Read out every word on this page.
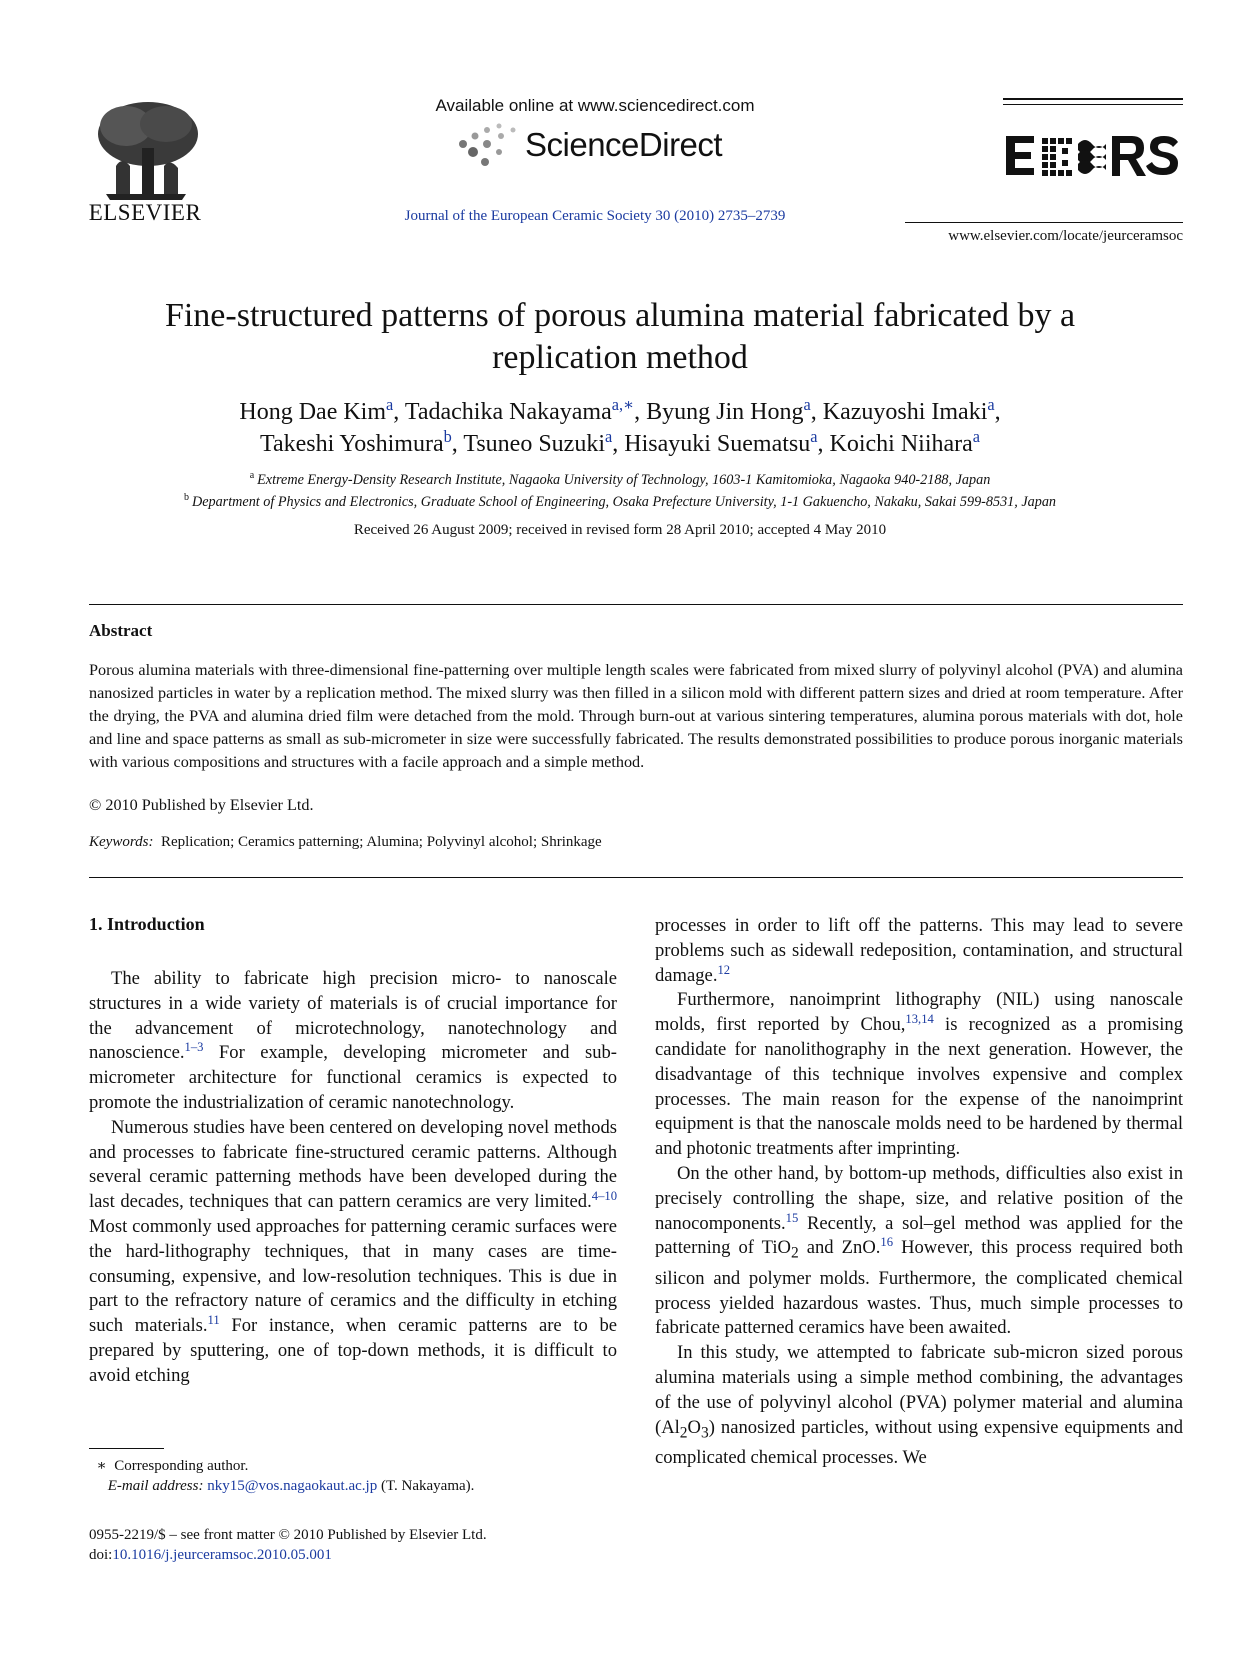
ELSEVIER
Available online at www.sciencedirect.com
ScienceDirect
Journal of the European Ceramic Society 30 (2010) 2735–2739
www.elsevier.com/locate/jeurceramsoc
Fine-structured patterns of porous alumina material fabricated by a replication method
Hong Dae Kim$^a$, Tadachika Nakayama$^{a,∗}$, Byung Jin Hong$^a$, Kazuyoshi Imaki$^a$,
Takeshi Yoshimura$^b$, Tsuneo Suzuki$^a$, Hisayuki Suematsu$^a$, Koichi Niihara$^a$
$^a$ Extreme Energy-Density Research Institute, Nagaoka University of Technology, 1603-1 Kamitomioka, Nagaoka 940-2188, Japan
$^b$ Department of Physics and Electronics, Graduate School of Engineering, Osaka Prefecture University, 1-1 Gakuencho, Nakaku, Sakai 599-8531, Japan
Received 26 August 2009; received in revised form 28 April 2010; accepted 4 May 2010
Abstract
Porous alumina materials with three-dimensional fine-patterning over multiple length scales were fabricated from mixed slurry of polyvinyl alcohol (PVA) and alumina nanosized particles in water by a replication method. The mixed slurry was then filled in a silicon mold with different pattern sizes and dried at room temperature. After the drying, the PVA and alumina dried film were detached from the mold. Through burn-out at various sintering temperatures, alumina porous materials with dot, hole and line and space patterns as small as sub-micrometer in size were successfully fabricated. The results demonstrated possibilities to produce porous inorganic materials with various compositions and structures with a facile approach and a simple method.
© 2010 Published by Elsevier Ltd.
Keywords: Replication; Ceramics patterning; Alumina; Polyvinyl alcohol; Shrinkage
1. Introduction

The ability to fabricate high precision micro- to nanoscale structures in a wide variety of materials is of crucial importance for the advancement of microtechnology, nanotechnology and nanoscience.$^{1-3}$ For example, developing micrometer and sub-micrometer architecture for functional ceramics is expected to promote the industrialization of ceramic nanotechnology.

Numerous studies have been centered on developing novel methods and processes to fabricate fine-structured ceramic patterns. Although several ceramic patterning methods have been developed during the last decades, techniques that can pattern ceramics are very limited.$^{4-10}$ Most commonly used approaches for patterning ceramic surfaces were the hard-lithography techniques, that in many cases are time-consuming, expensive, and low-resolution techniques. This is due in part to the refractory nature of ceramics and the difficulty in etching such materials.$^{11}$ For instance, when ceramic patterns are to be prepared by sputtering, one of top-down methods, it is difficult to avoid etching

processes in order to lift off the patterns. This may lead to severe problems such as sidewall redeposition, contamination, and structural damage.$^{12}$

Furthermore, nanoimprint lithography (NIL) using nanoscale molds, first reported by Chou,$^{13,14}$ is recognized as a promising candidate for nanolithography in the next generation. However, the disadvantage of this technique involves expensive and complex processes. The main reason for the expense of the nanoimprint equipment is that the nanoscale molds need to be hardened by thermal and photonic treatments after imprinting.

On the other hand, by bottom-up methods, difficulties also exist in precisely controlling the shape, size, and relative position of the nanocomponents.$^{15}$ Recently, a sol–gel method was applied for the patterning of TiO$_2$ and ZnO.$^{16}$ However, this process required both silicon and polymer molds. Furthermore, the complicated chemical process yielded hazardous wastes. Thus, much simple processes to fabricate patterned ceramics have been awaited.

In this study, we attempted to fabricate sub-micron sized porous alumina materials using a simple method combining, the advantages of the use of polyvinyl alcohol (PVA) polymer material and alumina $(Al_2O_3)$ nanosized particles, without using expensive equipments and complicated chemical processes. We

∗ Corresponding author.
E-mail address: nky15@vos.nagaokaut.ac.jp (T. Nakayama).
0955-2219/$ – see front matter © 2010 Published by Elsevier Ltd.
doi:10.1016/j.jeurceramsoc.2010.05.001
